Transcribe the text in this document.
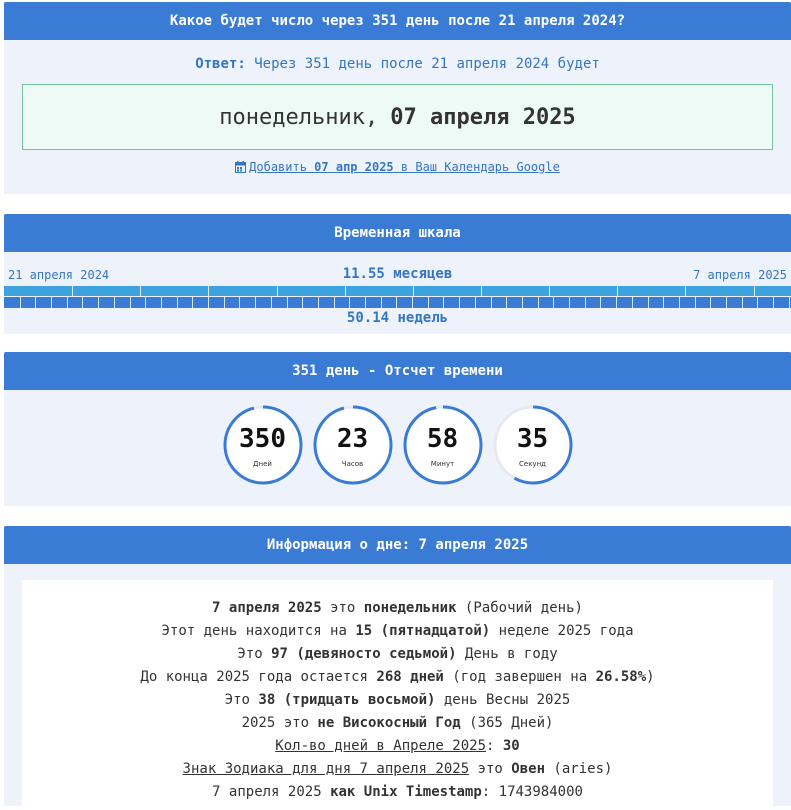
Какое будет число через 351 день после 21 апреля 2024?
Ответ: Через 351 день после 21 апреля 2024 будет
понедельник, 07 апреля 2025
Добавить 07 апр 2025 в Ваш Календарь Google
Временная шкала
21 апреля 2024	11.55 месяцев	7 апреля 2025
50.14 недель
351 день - Отсчет времени
350
Дней
23
Часов
58
Минут
35
Секунд
Информация о дне: 7 апреля 2025
7 апреля 2025 это понедельник (Рабочий день)
Этот день находится на 15 (пятнадцатой) неделе 2025 года
Это 97 (девяносто седьмой) День в году
До конца 2025 года остается 268 дней (год завершен на 26.58%)
Это 38 (тридцать восьмой) день Весны 2025
2025 это не Високосный Год (365 Дней)
Кол-во дней в Апреле 2025: 30
Знак Зодиака для дня 7 апреля 2025 это Овен (aries)
7 апреля 2025 как Unix Timestamp: 1743984000
